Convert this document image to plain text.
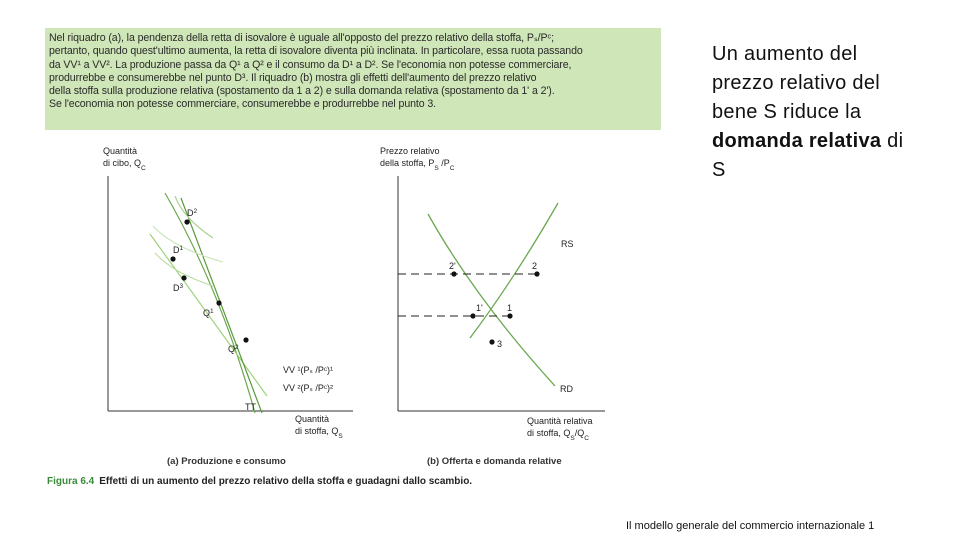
Nel riquadro (a), la pendenza della retta di isovalore è uguale all'opposto del prezzo relativo della stoffa, Pₛ/Pᶜ;

pertanto, quando quest'ultimo aumenta, la retta di isovalore diventa più inclinata. In particolare, essa ruota passando

da VV¹ a VV². La produzione passa da Q¹ a Q² e il consumo da D¹ a D². Se l'economia non potesse commerciare,

produrrebbe e consumerebbe nel punto D³. Il riquadro (b) mostra gli effetti dell'aumento del prezzo relativo

della stoffa sulla produzione relativa (spostamento da 1 a 2) e sulla domanda relativa (spostamento da 1' a 2').

Se l'economia non potesse commerciare, consumerebbe e produrrebbe nel punto 3.

$D^2$
$D^1$
$D^3$
$Q^1$
$Q^2$
VV ¹(Pₛ /Pᶜ)¹
VV ²(Pₛ /Pᶜ)²
TT
Quantità
di cibo, $Q_C$
Quantità
di stoffa, $Q_S$
(a) Produzione e consumo
2'	2
1'	1
3
RS
RD
Prezzo relativo
della stoffa, $P_S$ $/P_C$
Quantità relativa
di stoffa, $Q_S/Q_C$
(b) Offerta e domanda relative
Figura 6.4 Effetti di un aumento del prezzo relativo della stoffa e guadagni dallo scambio.
Un aumento del prezzo relativo del bene S riduce la domanda relativa di S
Il modello generale del commercio internazionale 1
